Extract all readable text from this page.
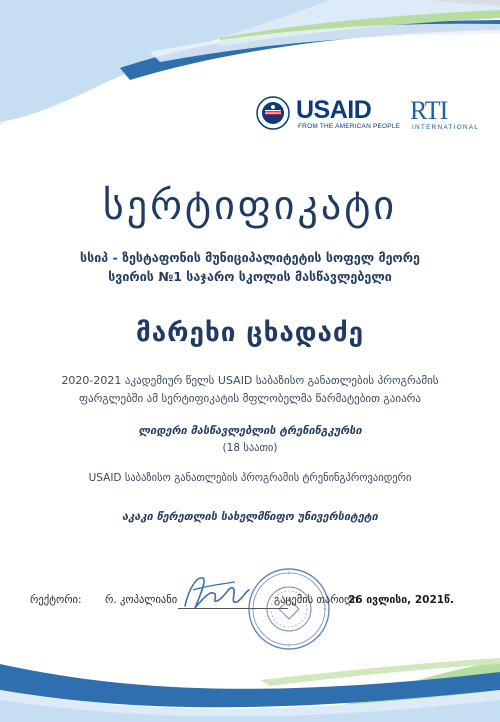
USAID
FROM THE AMERICAN PEOPLE
RTI
INTERNATIONAL
სერტიფიკატი
სსიპ - ზესტაფონის მუნიციპალიტეტის სოფელ მეორე
სვირის №1 საჯარო სკოლის მასწავლებელი
მარეხი ცხადაძე
2020-2021 აკადემიურ წელს USAID საბაზისო განათლების პროგრამის
ფარგლებში ამ სერტიფიკატის მფლობელმა წარმატებით გაიარა
ლიდერი მასწავლებლის ტრენინგკურსი
(18 საათი)
USAID საბაზისო განათლების პროგრამის ტრენინგპროვაიდერი
აკაკი წერეთლის სახელმწიფო უნივერსიტეტი
რექტორი: რ. კოპალიანი	გაცემის თარიღი:
26 ივლისი, 2021წ.
